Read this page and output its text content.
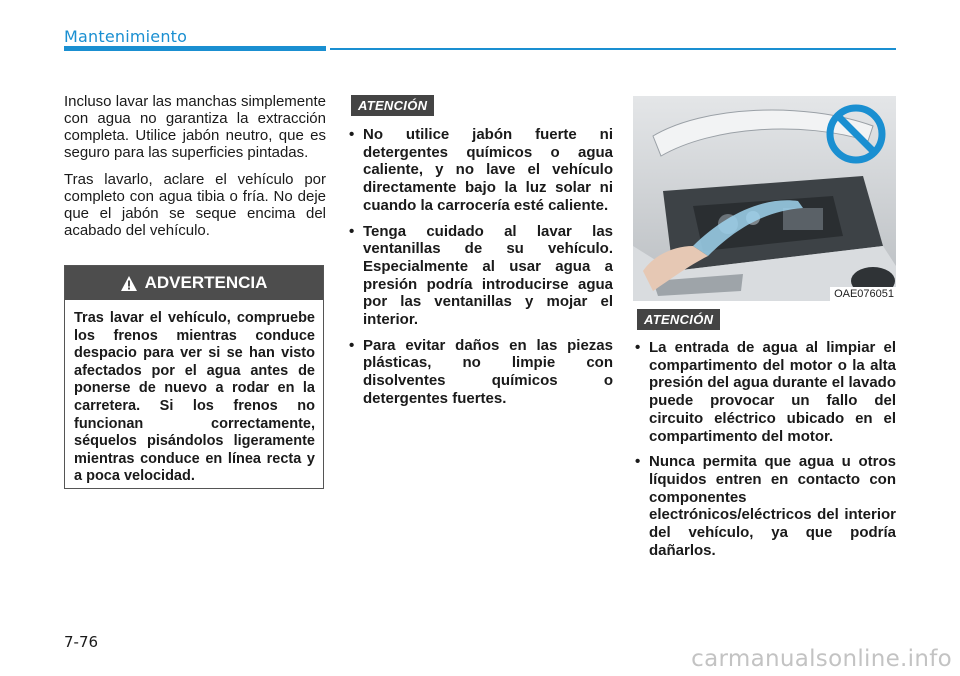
Mantenimiento

Incluso lavar las manchas simplemente con agua no garantiza la extracción completa. Utilice jabón neutro, que es seguro para las superficies pintadas.

Tras lavarlo, aclare el vehículo por completo con agua tibia o fría. No deje que el jabón se seque encima del acabado del vehículo.

ADVERTENCIA
Tras lavar el vehículo, compruebe los frenos mientras conduce despacio para ver si se han visto afectados por el agua antes de ponerse de nuevo a rodar en la carretera. Si los frenos no funcionan correctamente, séquelos pisándolos ligeramente mientras conduce en línea recta y a poca velocidad.
ATENCIÓN
• No utilice jabón fuerte ni detergentes químicos o agua caliente, y no lave el vehículo directamente bajo la luz solar ni cuando la carrocería esté caliente.
• Tenga cuidado al lavar las ventanillas de su vehículo. Especialmente al usar agua a presión podría introducirse agua por las ventanillas y mojar el interior.
• Para evitar daños en las piezas plásticas, no limpie con disolventes químicos o detergentes fuertes.
OAE076051
ATENCIÓN
• La entrada de agua al limpiar el compartimento del motor o la alta presión del agua durante el lavado puede provocar un fallo del circuito eléctrico ubicado en el compartimento del motor.
• Nunca permita que agua u otros líquidos entren en contacto con componentes electrónicos/eléctricos del interior del vehículo, ya que podría dañarlos.
7-76
carmanualsonline.info
